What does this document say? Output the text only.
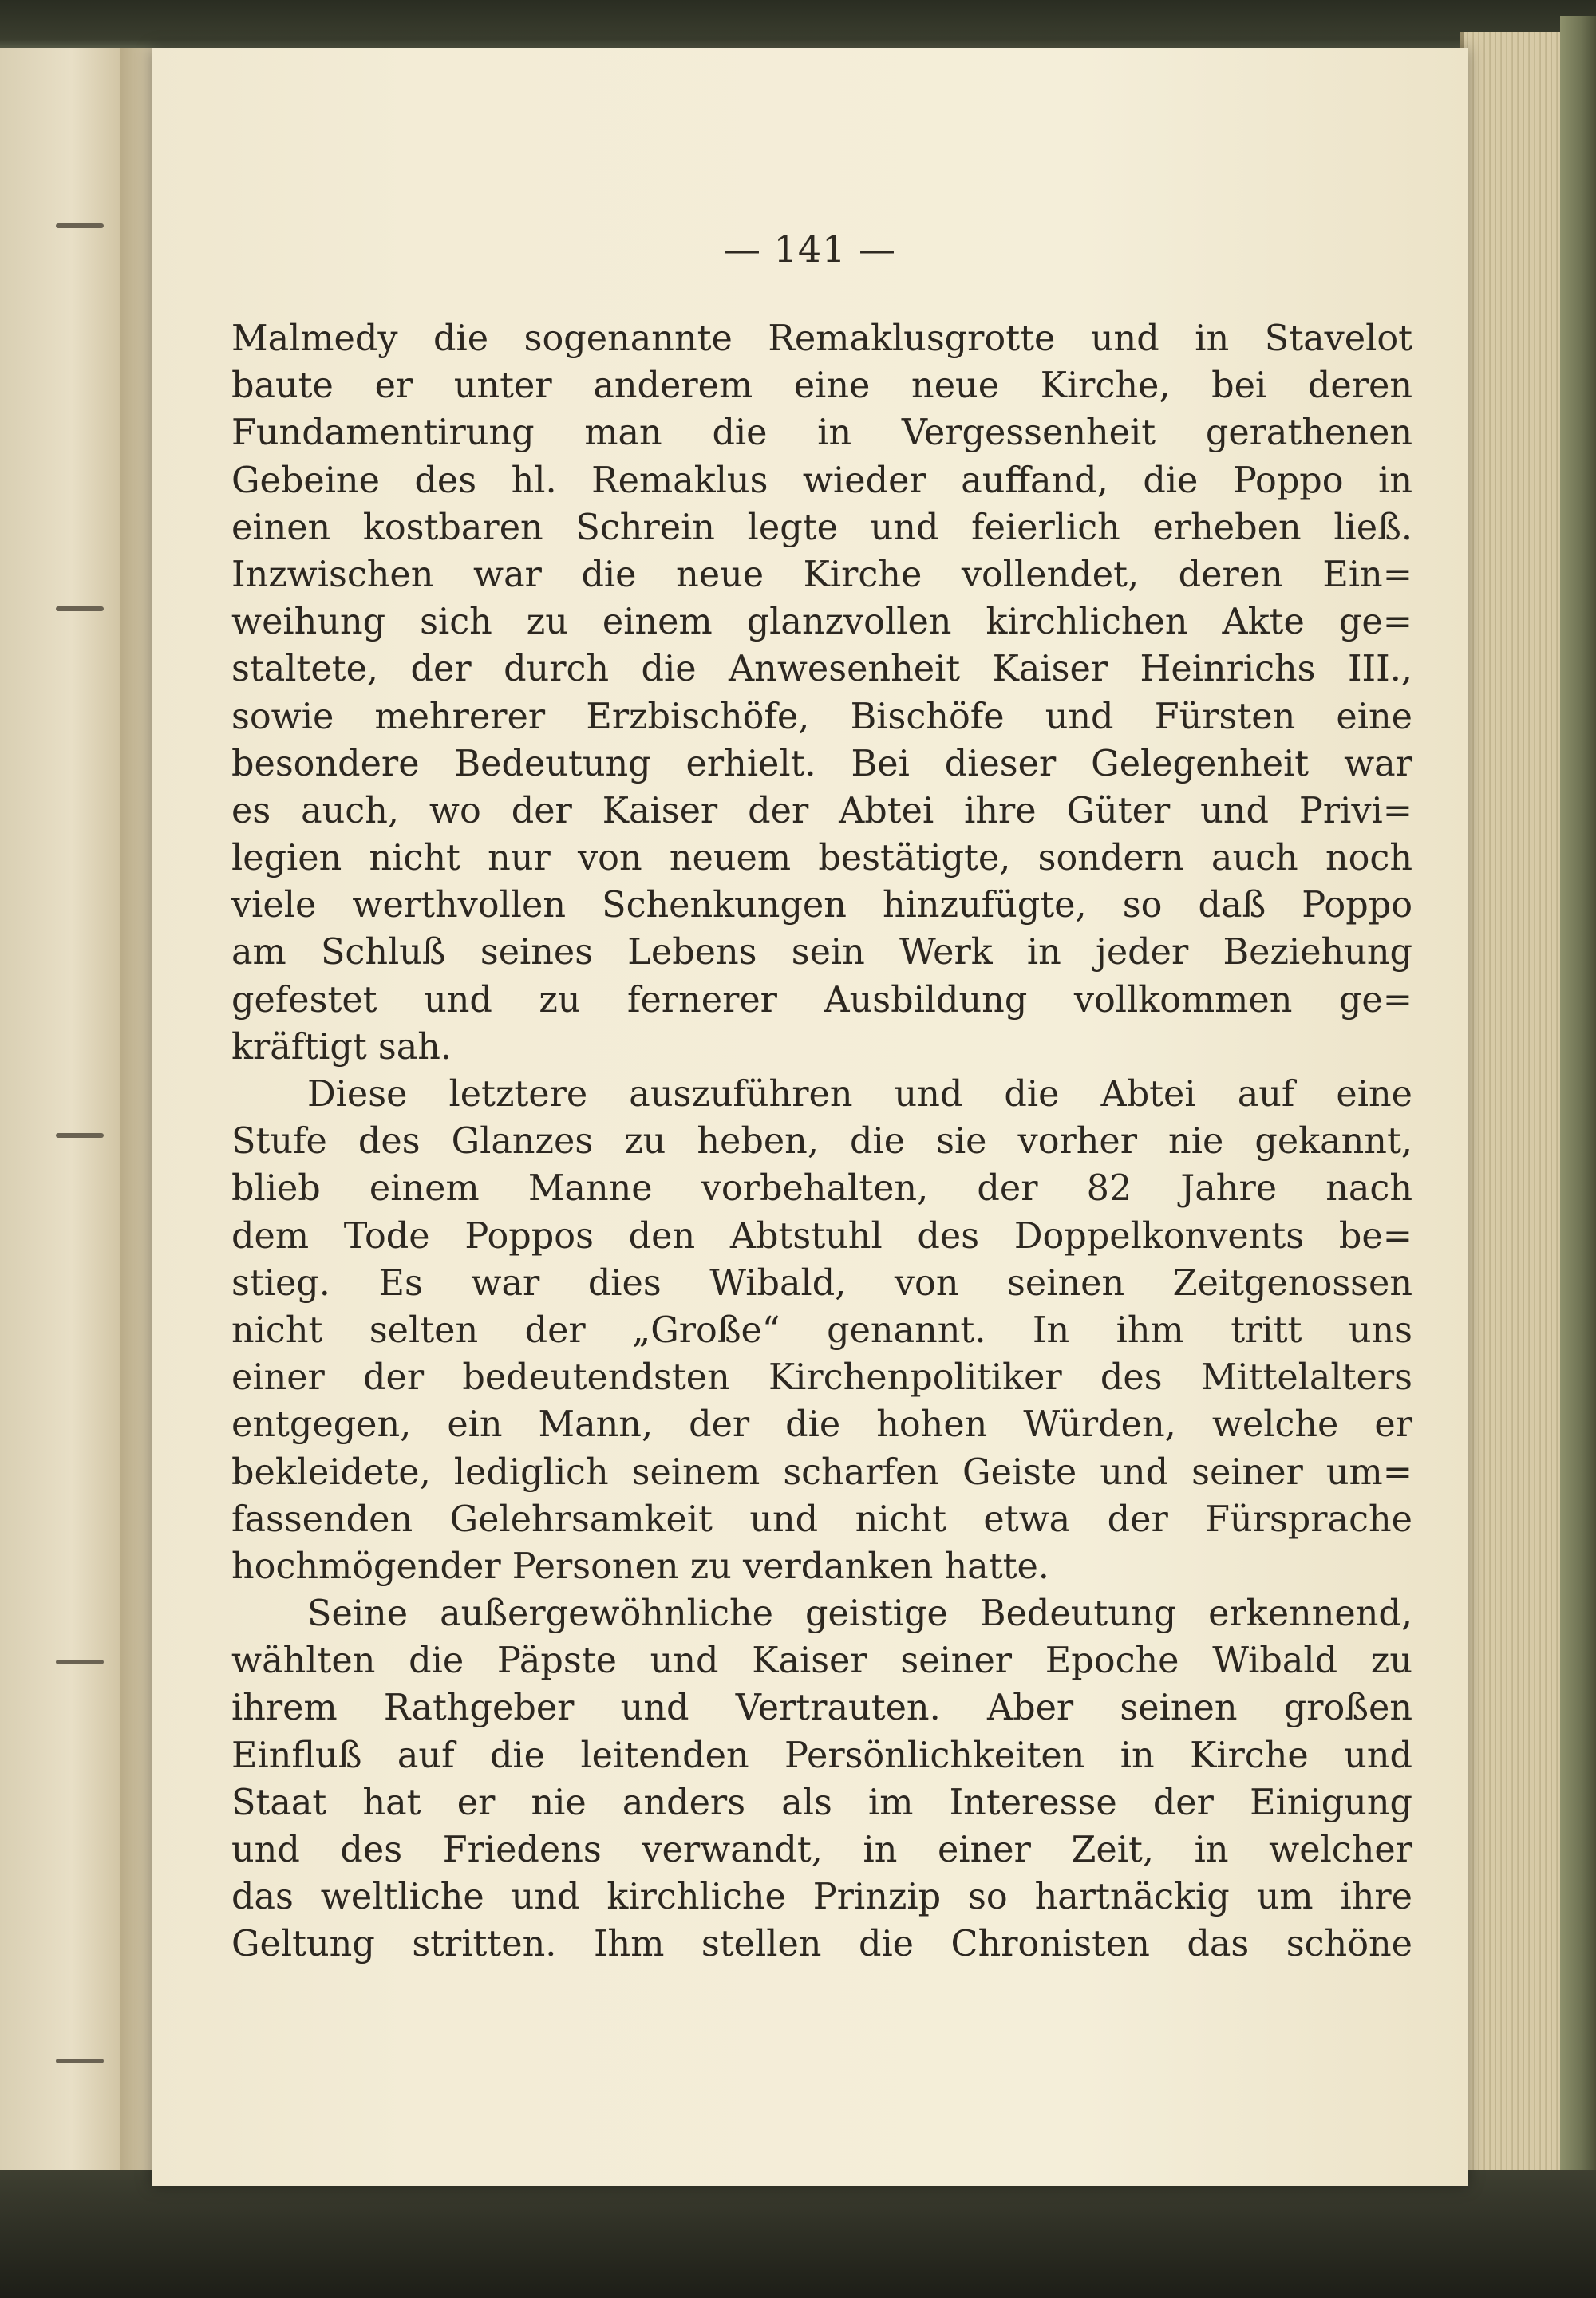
— 141 —
Malmedy die sogenannte Remaklusgrotte und in Stavelot
baute er unter anderem eine neue Kirche, bei deren
Fundamentirung man die in Vergessenheit gerathenen
Gebeine des hl. Remaklus wieder auffand, die Poppo in
einen kostbaren Schrein legte und feierlich erheben ließ.
Inzwischen war die neue Kirche vollendet, deren Ein=
weihung sich zu einem glanzvollen kirchlichen Akte ge=
staltete, der durch die Anwesenheit Kaiser Heinrichs III.,
sowie mehrerer Erzbischöfe, Bischöfe und Fürsten eine
besondere Bedeutung erhielt. Bei dieser Gelegenheit war
es auch, wo der Kaiser der Abtei ihre Güter und Privi=
legien nicht nur von neuem bestätigte, sondern auch noch
viele werthvollen Schenkungen hinzufügte, so daß Poppo
am Schluß seines Lebens sein Werk in jeder Beziehung
gefestet und zu fernerer Ausbildung vollkommen ge=
kräftigt sah.
Diese letztere auszuführen und die Abtei auf eine
Stufe des Glanzes zu heben, die sie vorher nie gekannt,
blieb einem Manne vorbehalten, der 82 Jahre nach
dem Tode Poppos den Abtstuhl des Doppelkonvents be=
stieg. Es war dies Wibald, von seinen Zeitgenossen
nicht selten der „Große“ genannt. In ihm tritt uns
einer der bedeutendsten Kirchenpolitiker des Mittelalters
entgegen, ein Mann, der die hohen Würden, welche er
bekleidete, lediglich seinem scharfen Geiste und seiner um=
fassenden Gelehrsamkeit und nicht etwa der Fürsprache
hochmögender Personen zu verdanken hatte.
Seine außergewöhnliche geistige Bedeutung erkennend,
wählten die Päpste und Kaiser seiner Epoche Wibald zu
ihrem Rathgeber und Vertrauten. Aber seinen großen
Einfluß auf die leitenden Persönlichkeiten in Kirche und
Staat hat er nie anders als im Interesse der Einigung
und des Friedens verwandt, in einer Zeit, in welcher
das weltliche und kirchliche Prinzip so hartnäckig um ihre
Geltung stritten. Ihm stellen die Chronisten das schöne
